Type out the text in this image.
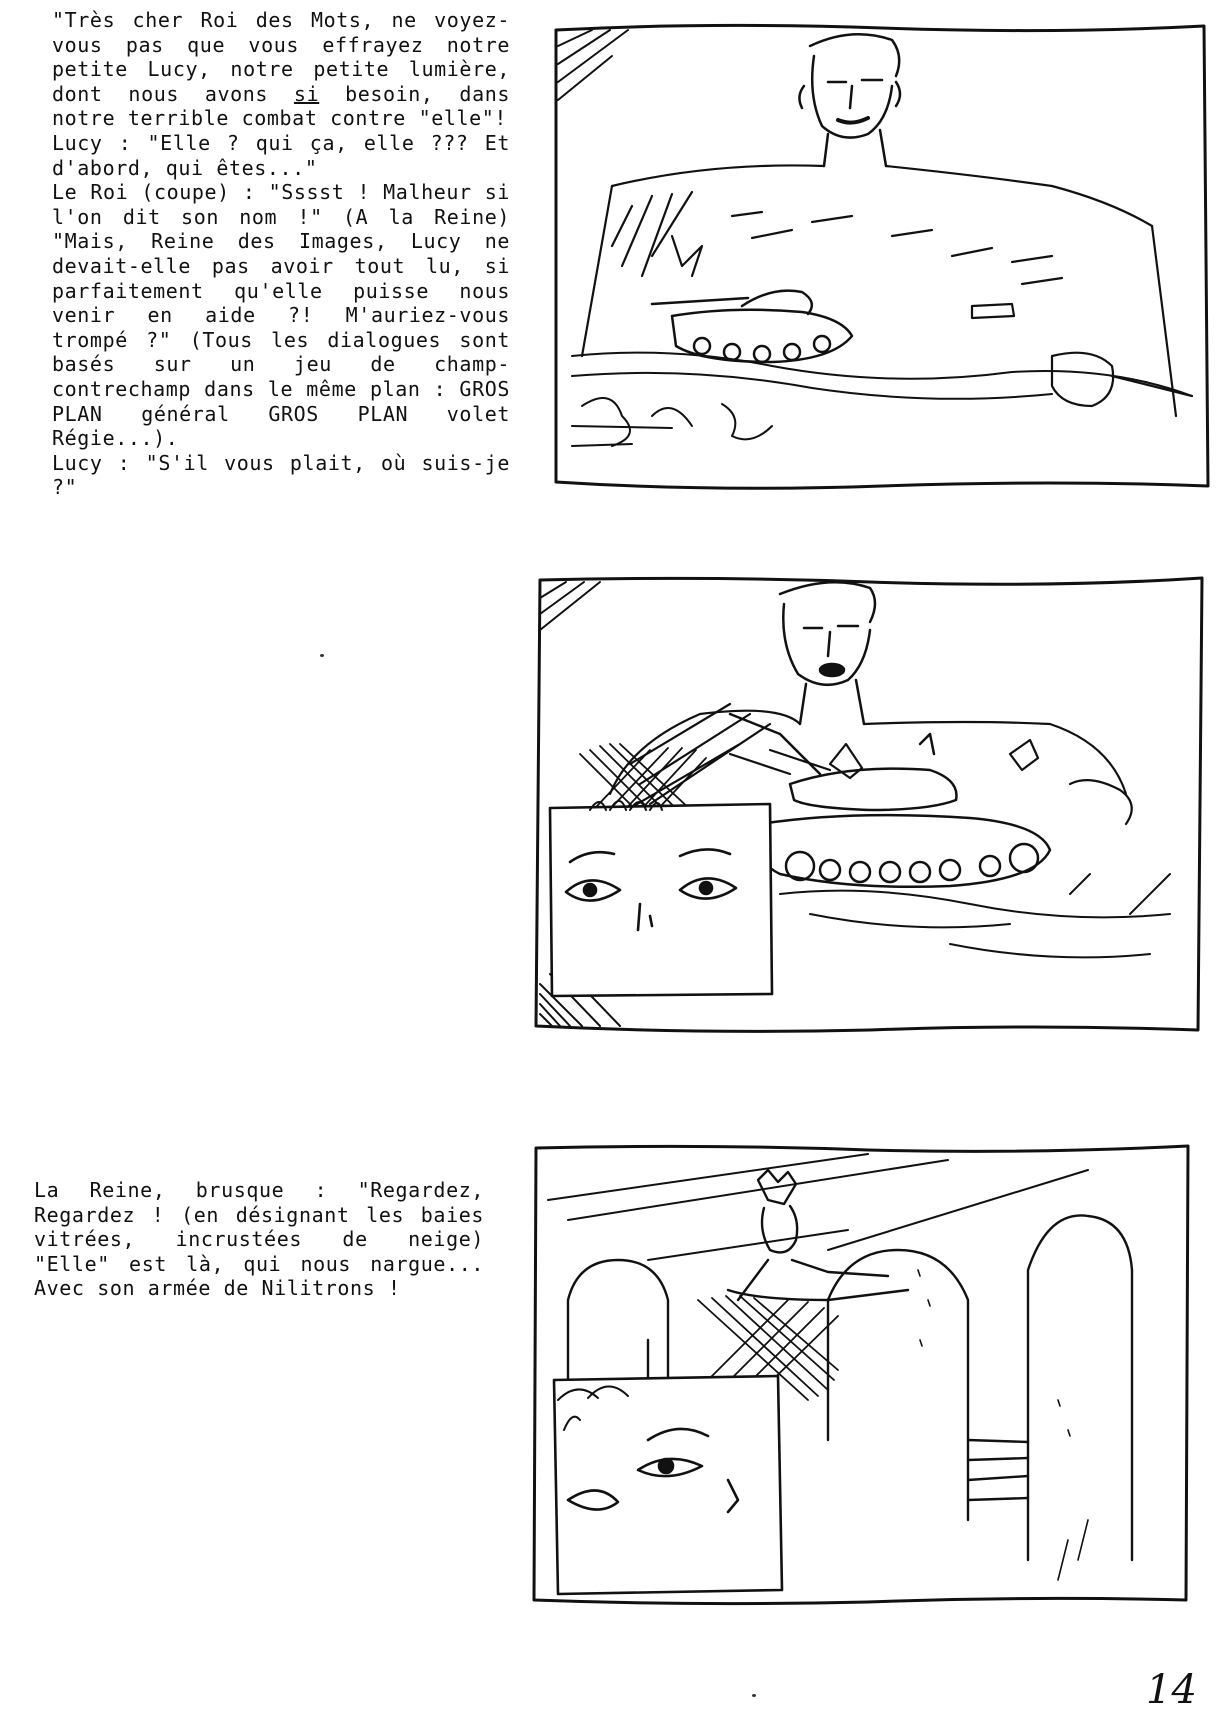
"Très cher Roi des Mots, ne voyez-vous pas que vous effrayez notre petite Lucy, notre petite lumière, dont nous avons si besoin, dans notre terrible combat contre "elle"!

Lucy : "Elle ? qui ça, elle ??? Et d'abord, qui êtes..."

Le Roi (coupe) : "Sssst ! Malheur si l'on dit son nom !" (A la Reine) "Mais, Reine des Images, Lucy ne devait-elle pas avoir tout lu, si parfaitement qu'elle puisse nous venir en aide ?! M'auriez-vous trompé ?" (Tous les dialogues sont basés sur un jeu de champ-contrechamp dans le même plan : GROS PLAN général GROS PLAN volet Régie...).

Lucy : "S'il vous plait, où suis-je ?"

La Reine, brusque : "Regardez, Regardez ! (en désignant les baies vitrées, incrustées de neige) "Elle" est là, qui nous nargue... Avec son armée de Nilitrons !

14
